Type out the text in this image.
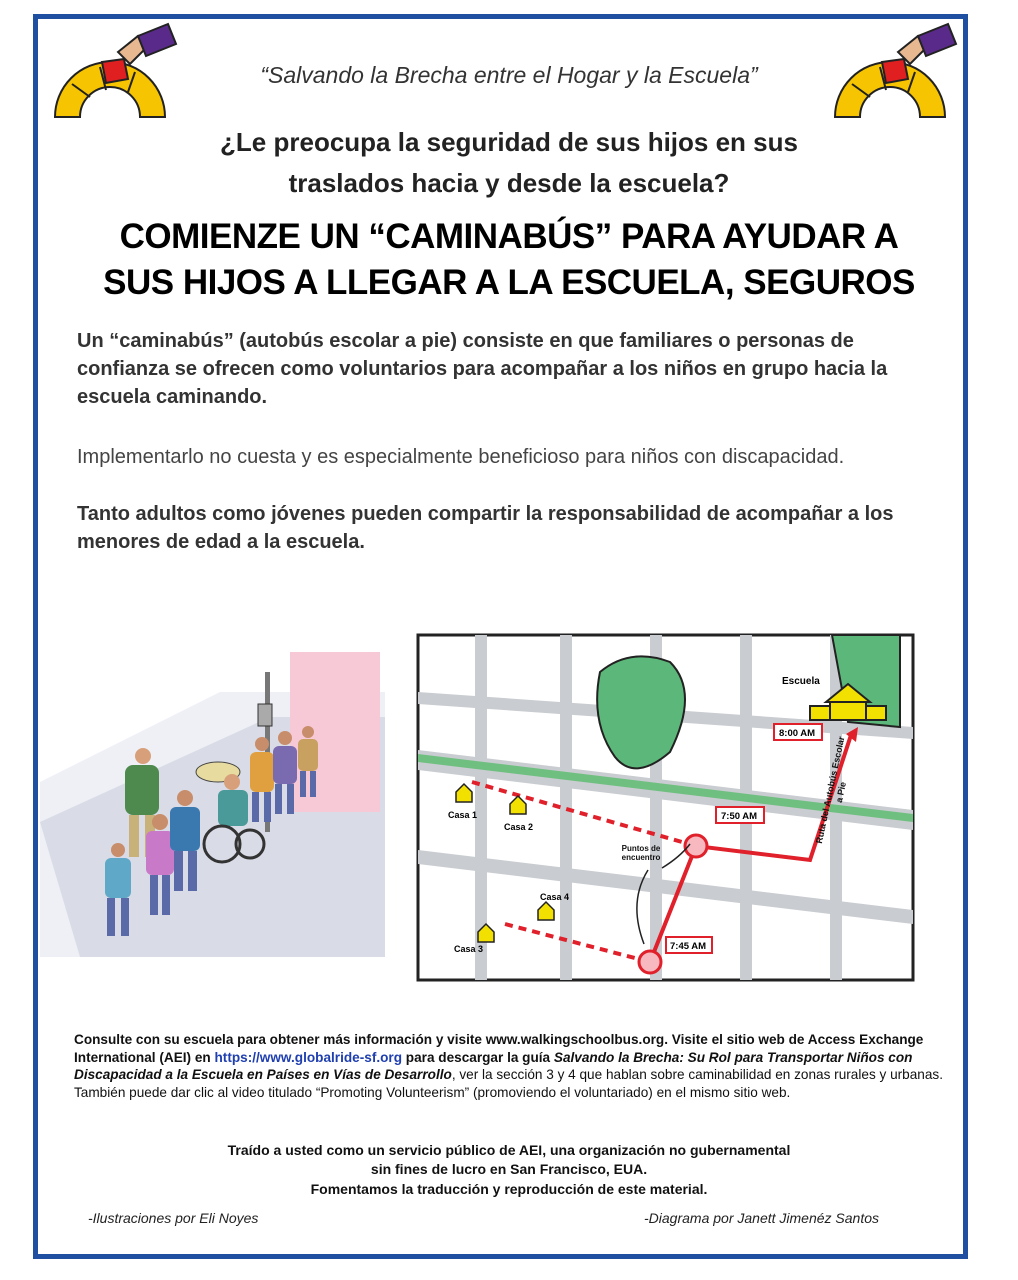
“Salvando la Brecha entre el Hogar y la Escuela”
¿Le preocupa la seguridad de sus hijos en sus
traslados hacia y desde la escuela?
COMIENZE UN “CAMINABÚS” PARA AYUDAR A
SUS HIJOS A LLEGAR A LA ESCUELA, SEGUROS
Un “caminabús” (autobús escolar a pie) consiste en que familiares o personas de confianza se ofrecen como voluntarios para acompañar a los niños en grupo hacia la escuela caminando.
Implementarlo no cuesta y es especialmente beneficioso para niños con discapacidad.
Tanto adultos como jóvenes pueden compartir la responsabilidad de acompañar a los menores de edad a la escuela.
Escuela
Casa 1
Casa 2
Casa 4
Casa 3
8:00 AM
7:50 AM
7:45 AM
Puntos de encuentro
Ruta del Autobús Escolar a Pie
Consulte con su escuela para obtener más información y visite www.walkingschoolbus.org. Visite el sitio web de Access Exchange International (AEI) en https://www.globalride-sf.org para descargar la guía Salvando la Brecha: Su Rol para Transportar Niños con Discapacidad a la Escuela en Países en Vías de Desarrollo, ver la sección 3 y 4 que hablan sobre caminabilidad en zonas rurales y urbanas. También puede dar clic al video titulado “Promoting Volunteerism” (promoviendo el voluntariado) en el mismo sitio web.
Traído a usted como un servicio público de AEI, una organización no gubernamental
sin fines de lucro en San Francisco, EUA.
Fomentamos la traducción y reproducción de este material.
-Ilustraciones por Eli Noyes	-Diagrama por Janett Jimenéz Santos
